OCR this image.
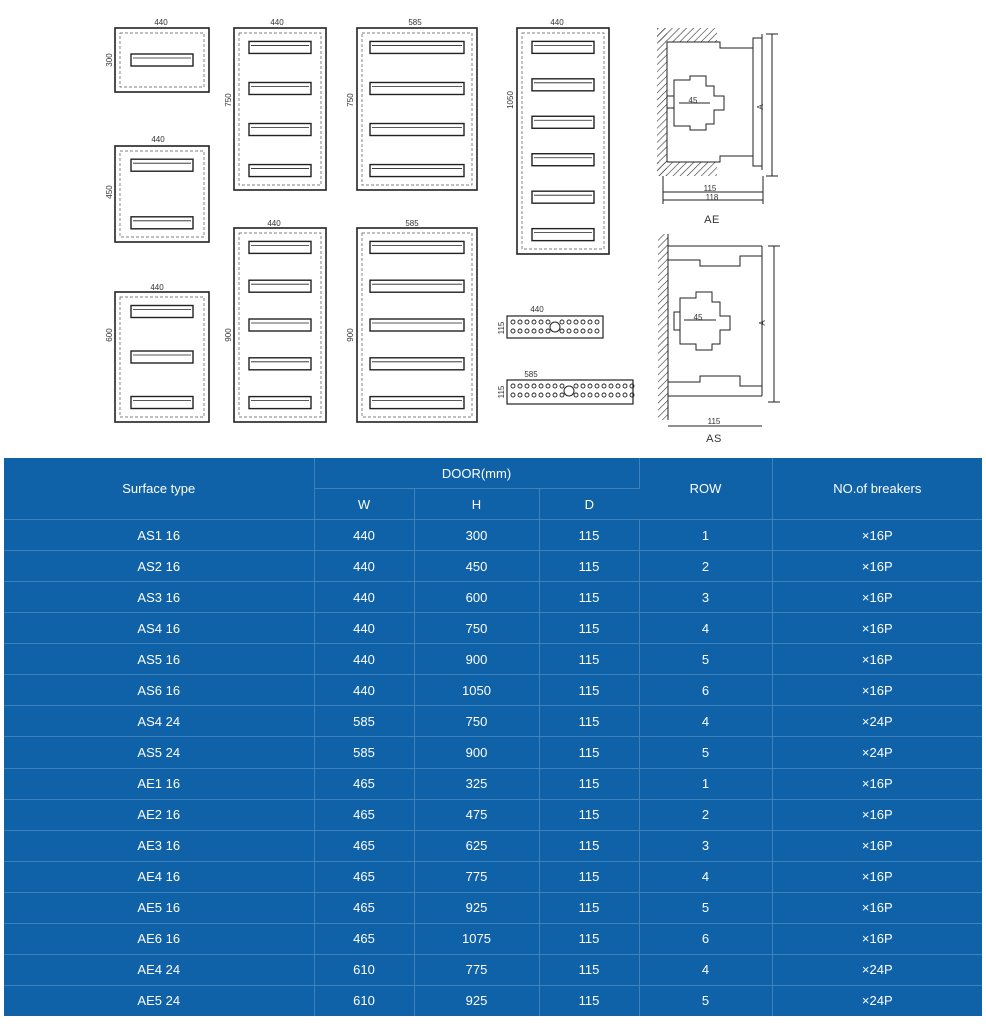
440
300
440
450
440
600
440
750
440
900
585
750
585
900
440
1050
440
115
585
115
45
A
115
118
AE
45
A
115
AS
Surface type	DOOR(mm)			ROW	NO.of breakers
	W	H	D		
AS1 16	440	300	115	1	×16P
AS2 16	440	450	115	2	×16P
AS3 16	440	600	115	3	×16P
AS4 16	440	750	115	4	×16P
AS5 16	440	900	115	5	×16P
AS6 16	440	1050	115	6	×16P
AS4 24	585	750	115	4	×24P
AS5 24	585	900	115	5	×24P
AE1 16	465	325	115	1	×16P
AE2 16	465	475	115	2	×16P
AE3 16	465	625	115	3	×16P
AE4 16	465	775	115	4	×16P
AE5 16	465	925	115	5	×16P
AE6 16	465	1075	115	6	×16P
AE4 24	610	775	115	4	×24P
AE5 24	610	925	115	5	×24P
